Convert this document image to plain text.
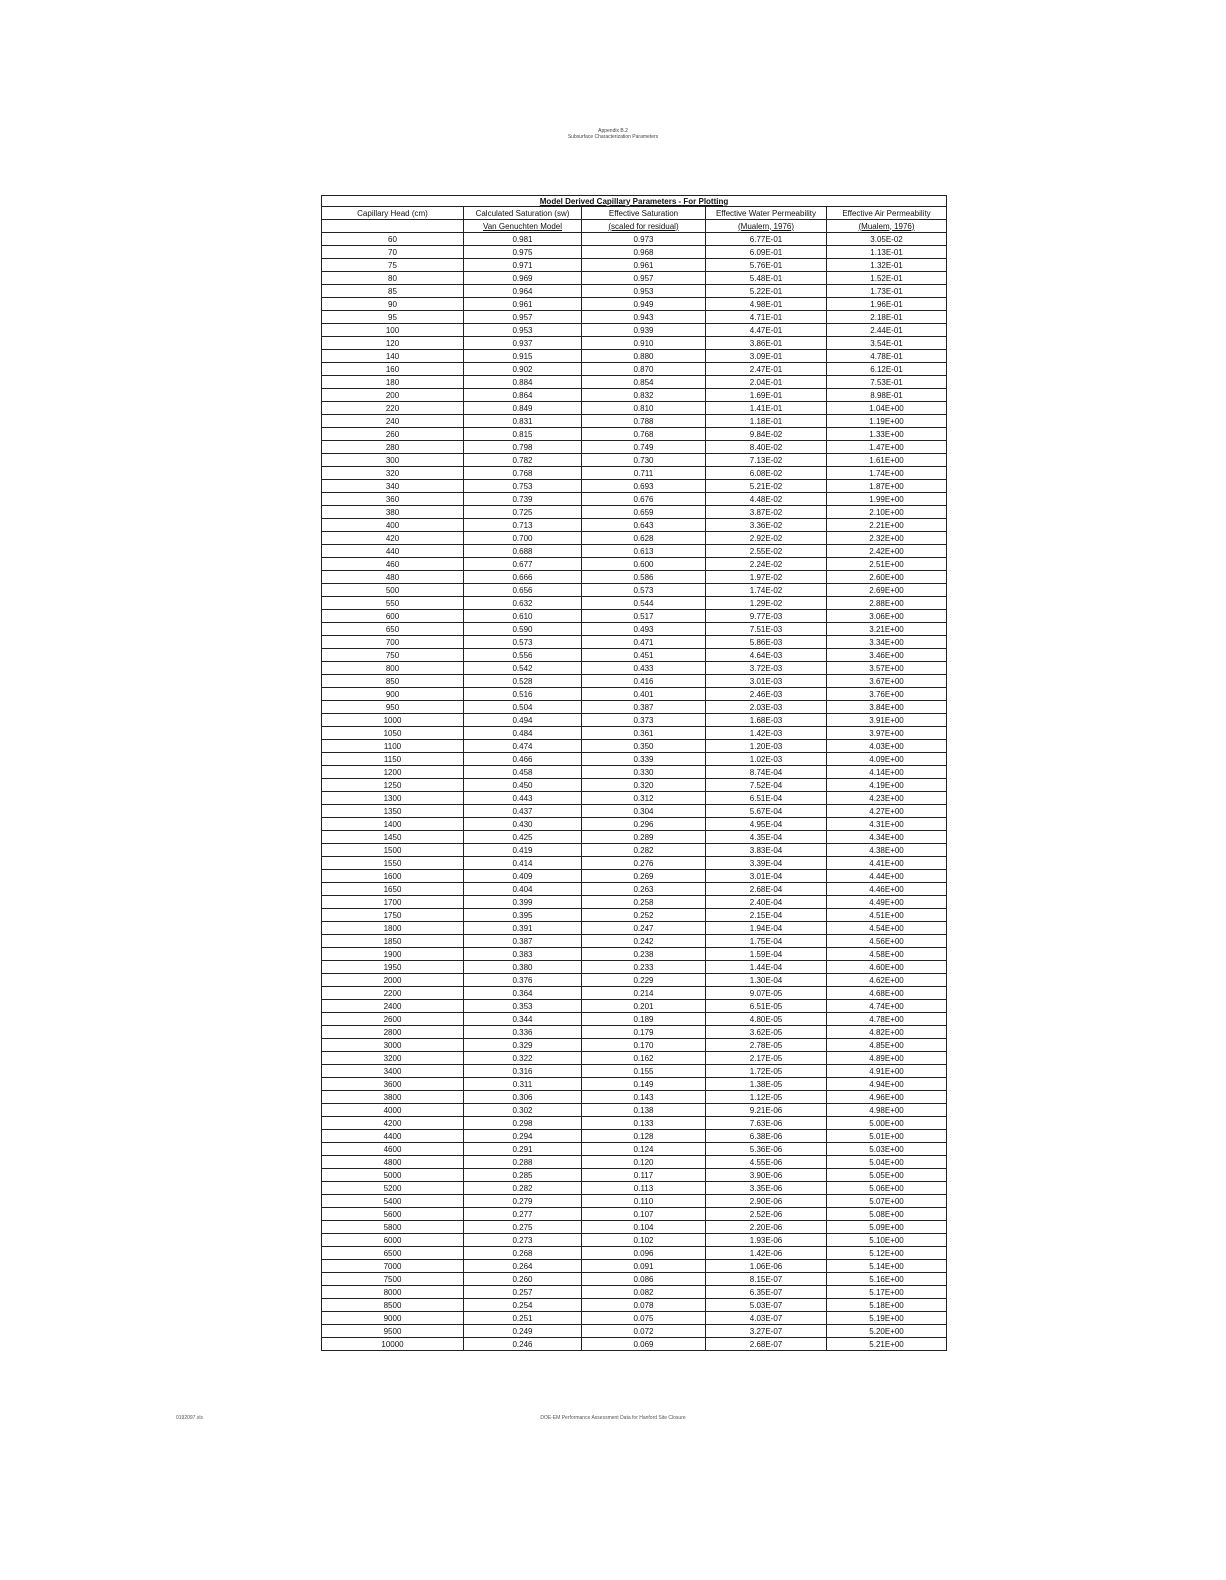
Appendix B.2
Subsurface Characterization Parameters
Model Derived Capillary Parameters - For Plotting				
Capillary Head (cm)	Calculated Saturation (sw)	Effective Saturation	Effective Water Permeability	Effective Air Permeability
	Van Genuchten Model	(scaled for residual)	(Mualem, 1976)	(Mualem, 1976)
60	0.981	0.973	6.77E-01	3.05E-02
70	0.975	0.968	6.09E-01	1.13E-01
75	0.971	0.961	5.76E-01	1.32E-01
80	0.969	0.957	5.48E-01	1.52E-01
85	0.964	0.953	5.22E-01	1.73E-01
90	0.961	0.949	4.98E-01	1.96E-01
95	0.957	0.943	4.71E-01	2.18E-01
100	0.953	0.939	4.47E-01	2.44E-01
120	0.937	0.910	3.86E-01	3.54E-01
140	0.915	0.880	3.09E-01	4.78E-01
160	0.902	0.870	2.47E-01	6.12E-01
180	0.884	0.854	2.04E-01	7.53E-01
200	0.864	0.832	1.69E-01	8.98E-01
220	0.849	0.810	1.41E-01	1.04E+00
240	0.831	0.788	1.18E-01	1.19E+00
260	0.815	0.768	9.84E-02	1.33E+00
280	0.798	0.749	8.40E-02	1.47E+00
300	0.782	0.730	7.13E-02	1.61E+00
320	0.768	0.711	6.08E-02	1.74E+00
340	0.753	0.693	5.21E-02	1.87E+00
360	0.739	0.676	4.48E-02	1.99E+00
380	0.725	0.659	3.87E-02	2.10E+00
400	0.713	0.643	3.36E-02	2.21E+00
420	0.700	0.628	2.92E-02	2.32E+00
440	0.688	0.613	2.55E-02	2.42E+00
460	0.677	0.600	2.24E-02	2.51E+00
480	0.666	0.586	1.97E-02	2.60E+00
500	0.656	0.573	1.74E-02	2.69E+00
550	0.632	0.544	1.29E-02	2.88E+00
600	0.610	0.517	9.77E-03	3.06E+00
650	0.590	0.493	7.51E-03	3.21E+00
700	0.573	0.471	5.86E-03	3.34E+00
750	0.556	0.451	4.64E-03	3.46E+00
800	0.542	0.433	3.72E-03	3.57E+00
850	0.528	0.416	3.01E-03	3.67E+00
900	0.516	0.401	2.46E-03	3.76E+00
950	0.504	0.387	2.03E-03	3.84E+00
1000	0.494	0.373	1.68E-03	3.91E+00
1050	0.484	0.361	1.42E-03	3.97E+00
1100	0.474	0.350	1.20E-03	4.03E+00
1150	0.466	0.339	1.02E-03	4.09E+00
1200	0.458	0.330	8.74E-04	4.14E+00
1250	0.450	0.320	7.52E-04	4.19E+00
1300	0.443	0.312	6.51E-04	4.23E+00
1350	0.437	0.304	5.67E-04	4.27E+00
1400	0.430	0.296	4.95E-04	4.31E+00
1450	0.425	0.289	4.35E-04	4.34E+00
1500	0.419	0.282	3.83E-04	4.38E+00
1550	0.414	0.276	3.39E-04	4.41E+00
1600	0.409	0.269	3.01E-04	4.44E+00
1650	0.404	0.263	2.68E-04	4.46E+00
1700	0.399	0.258	2.40E-04	4.49E+00
1750	0.395	0.252	2.15E-04	4.51E+00
1800	0.391	0.247	1.94E-04	4.54E+00
1850	0.387	0.242	1.75E-04	4.56E+00
1900	0.383	0.238	1.59E-04	4.58E+00
1950	0.380	0.233	1.44E-04	4.60E+00
2000	0.376	0.229	1.30E-04	4.62E+00
2200	0.364	0.214	9.07E-05	4.68E+00
2400	0.353	0.201	6.51E-05	4.74E+00
2600	0.344	0.189	4.80E-05	4.78E+00
2800	0.336	0.179	3.62E-05	4.82E+00
3000	0.329	0.170	2.78E-05	4.85E+00
3200	0.322	0.162	2.17E-05	4.89E+00
3400	0.316	0.155	1.72E-05	4.91E+00
3600	0.311	0.149	1.38E-05	4.94E+00
3800	0.306	0.143	1.12E-05	4.96E+00
4000	0.302	0.138	9.21E-06	4.98E+00
4200	0.298	0.133	7.63E-06	5.00E+00
4400	0.294	0.128	6.38E-06	5.01E+00
4600	0.291	0.124	5.36E-06	5.03E+00
4800	0.288	0.120	4.55E-06	5.04E+00
5000	0.285	0.117	3.90E-06	5.05E+00
5200	0.282	0.113	3.35E-06	5.06E+00
5400	0.279	0.110	2.90E-06	5.07E+00
5600	0.277	0.107	2.52E-06	5.08E+00
5800	0.275	0.104	2.20E-06	5.09E+00
6000	0.273	0.102	1.93E-06	5.10E+00
6500	0.268	0.096	1.42E-06	5.12E+00
7000	0.264	0.091	1.06E-06	5.14E+00
7500	0.260	0.086	8.15E-07	5.16E+00
8000	0.257	0.082	6.35E-07	5.17E+00
8500	0.254	0.078	5.03E-07	5.18E+00
9000	0.251	0.075	4.03E-07	5.19E+00
9500	0.249	0.072	3.27E-07	5.20E+00
10000	0.246	0.069	2.68E-07	5.21E+00
0192097.xls	DOE-EM Performance Assessment Data for Hanford Site Closure
